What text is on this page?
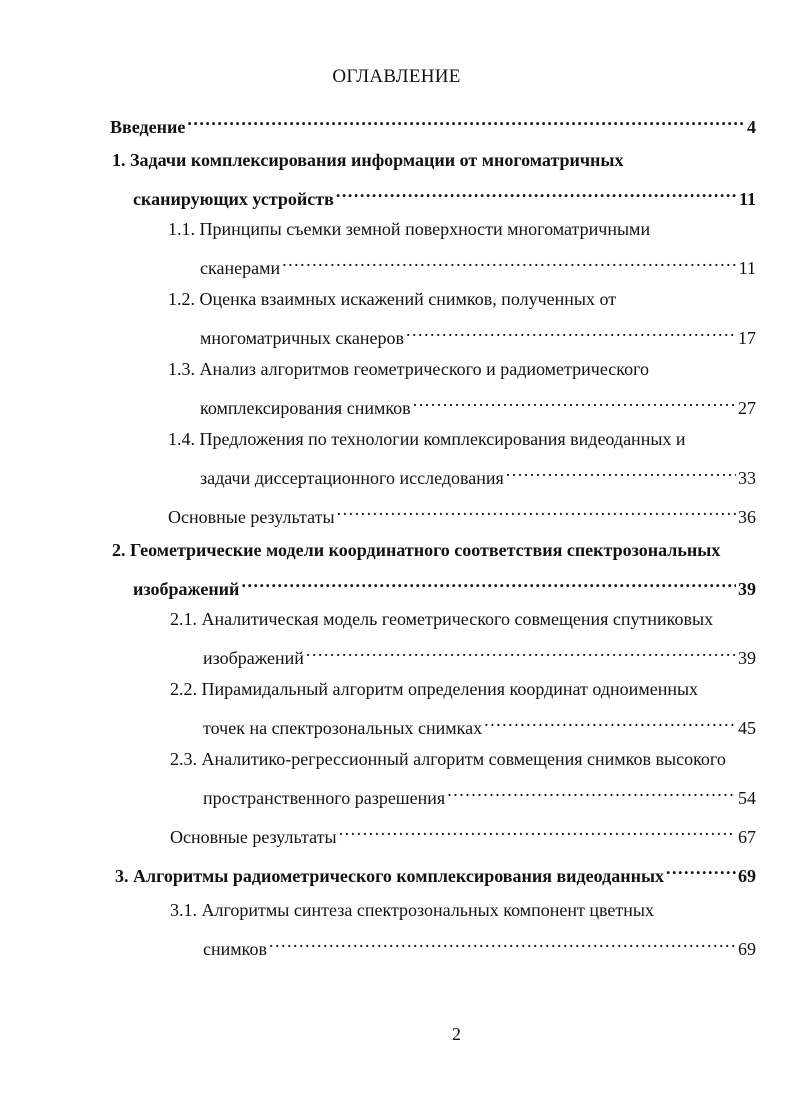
ОГЛАВЛЕНИЕ
Введение .....	4
1. Задачи комплексирования информации от многоматричных
сканирующих устройств .....	11
1.1. Принципы съемки земной поверхности многоматричными
сканерами .....	11
1.2. Оценка взаимных искажений снимков, полученных от
многоматричных сканеров .....	17
1.3. Анализ алгоритмов геометрического и радиометрического
комплексирования снимков .....	27
1.4. Предложения по технологии комплексирования видеоданных и
задачи диссертационного исследования .....	33
Основные результаты .....	36
2. Геометрические модели координатного соответствия спектрозональных
изображений .....	39
2.1. Аналитическая модель геометрического совмещения спутниковых
изображений .....	39
2.2. Пирамидальный алгоритм определения координат одноименных
точек на спектрозональных снимках .....	45
2.3. Аналитико-регрессионный алгоритм совмещения снимков высокого
пространственного разрешения .....	54
Основные результаты .....	67
3. Алгоритмы радиометрического комплексирования видеоданных .....	69
3.1. Алгоритмы синтеза спектрозональных компонент цветных
снимков .....	69
2
